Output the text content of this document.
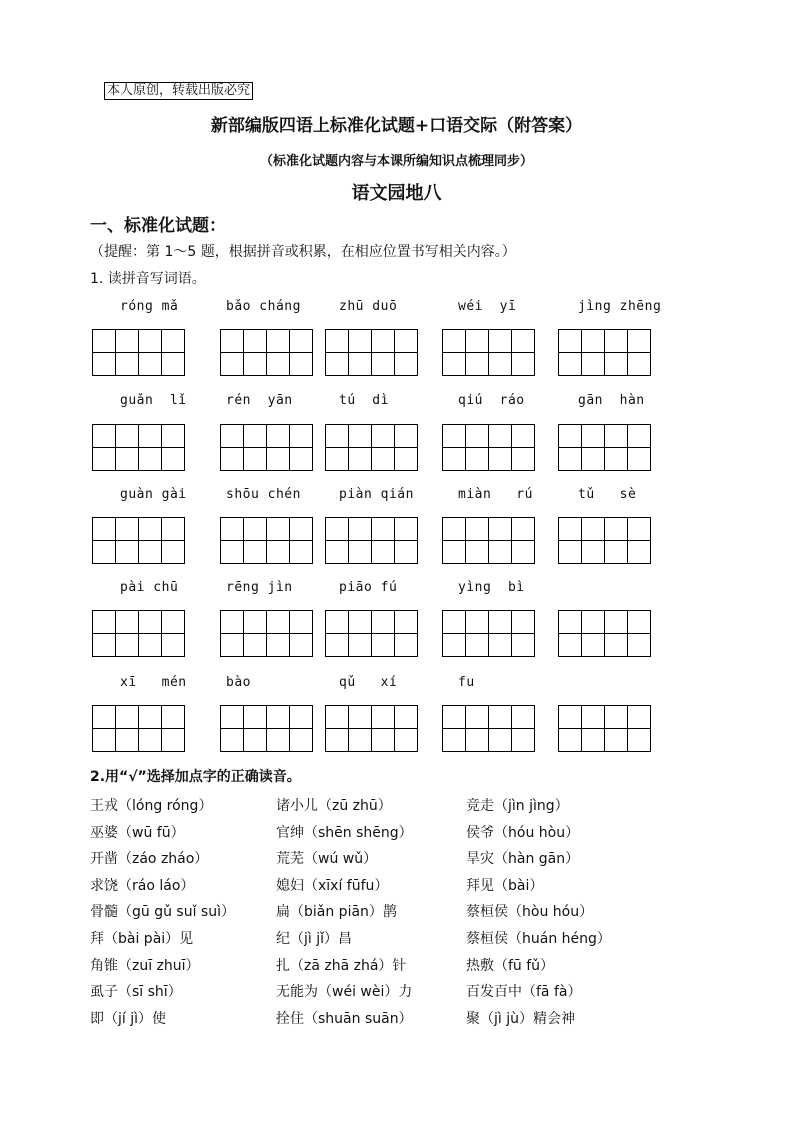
本人原创，转载出版必究
新部编版四语上标准化试题+口语交际（附答案）
（标准化试题内容与本课所编知识点梳理同步）
语文园地八
一、标准化试题：
（提醒：第 1～5 题，根据拼音或积累，在相应位置书写相关内容。）
1. 读拼音写词语。
róng mǎ	bǎo cháng	zhū duō	wéi  yī	jìng zhēng
guǎn  lǐ	rén  yān	tú  dì	qiú  ráo	gān  hàn
guàn gài	shōu chén	piàn qián	miàn   rú	tǔ   sè
pài chū	rēng jìn	piāo fú	yìng  bì
xī   mén	bào	qǔ   xí	fu
2.用“√”选择加点字的正确读音。
王戎（lóng róng）	诸小儿（zū zhū）	竞走（jìn jìng）
巫婆（wū fū）	官绅（shēn shēng）	侯爷（hóu hòu）
开凿（záo zháo）	荒芜（wú wǔ）	旱灾（hàn gān）
求饶（ráo láo）	媳妇（xīxí fūfu）	拜见（bài）
骨髓（gū gǔ suǐ suì）	扁（biǎn piān）鹊	蔡桓侯（hòu hóu）
拜（bài pài）见	纪（jì jǐ）昌	蔡桓侯（huán héng）
角锥（zuī zhuī）	扎（zā zhā zhá）针	热敷（fū fǔ）
虱子（sī shī）	无能为（wéi wèi）力	百发百中（fā fà）
即（jí jì）使	拴住（shuān suān）	聚（jì jù）精会神
